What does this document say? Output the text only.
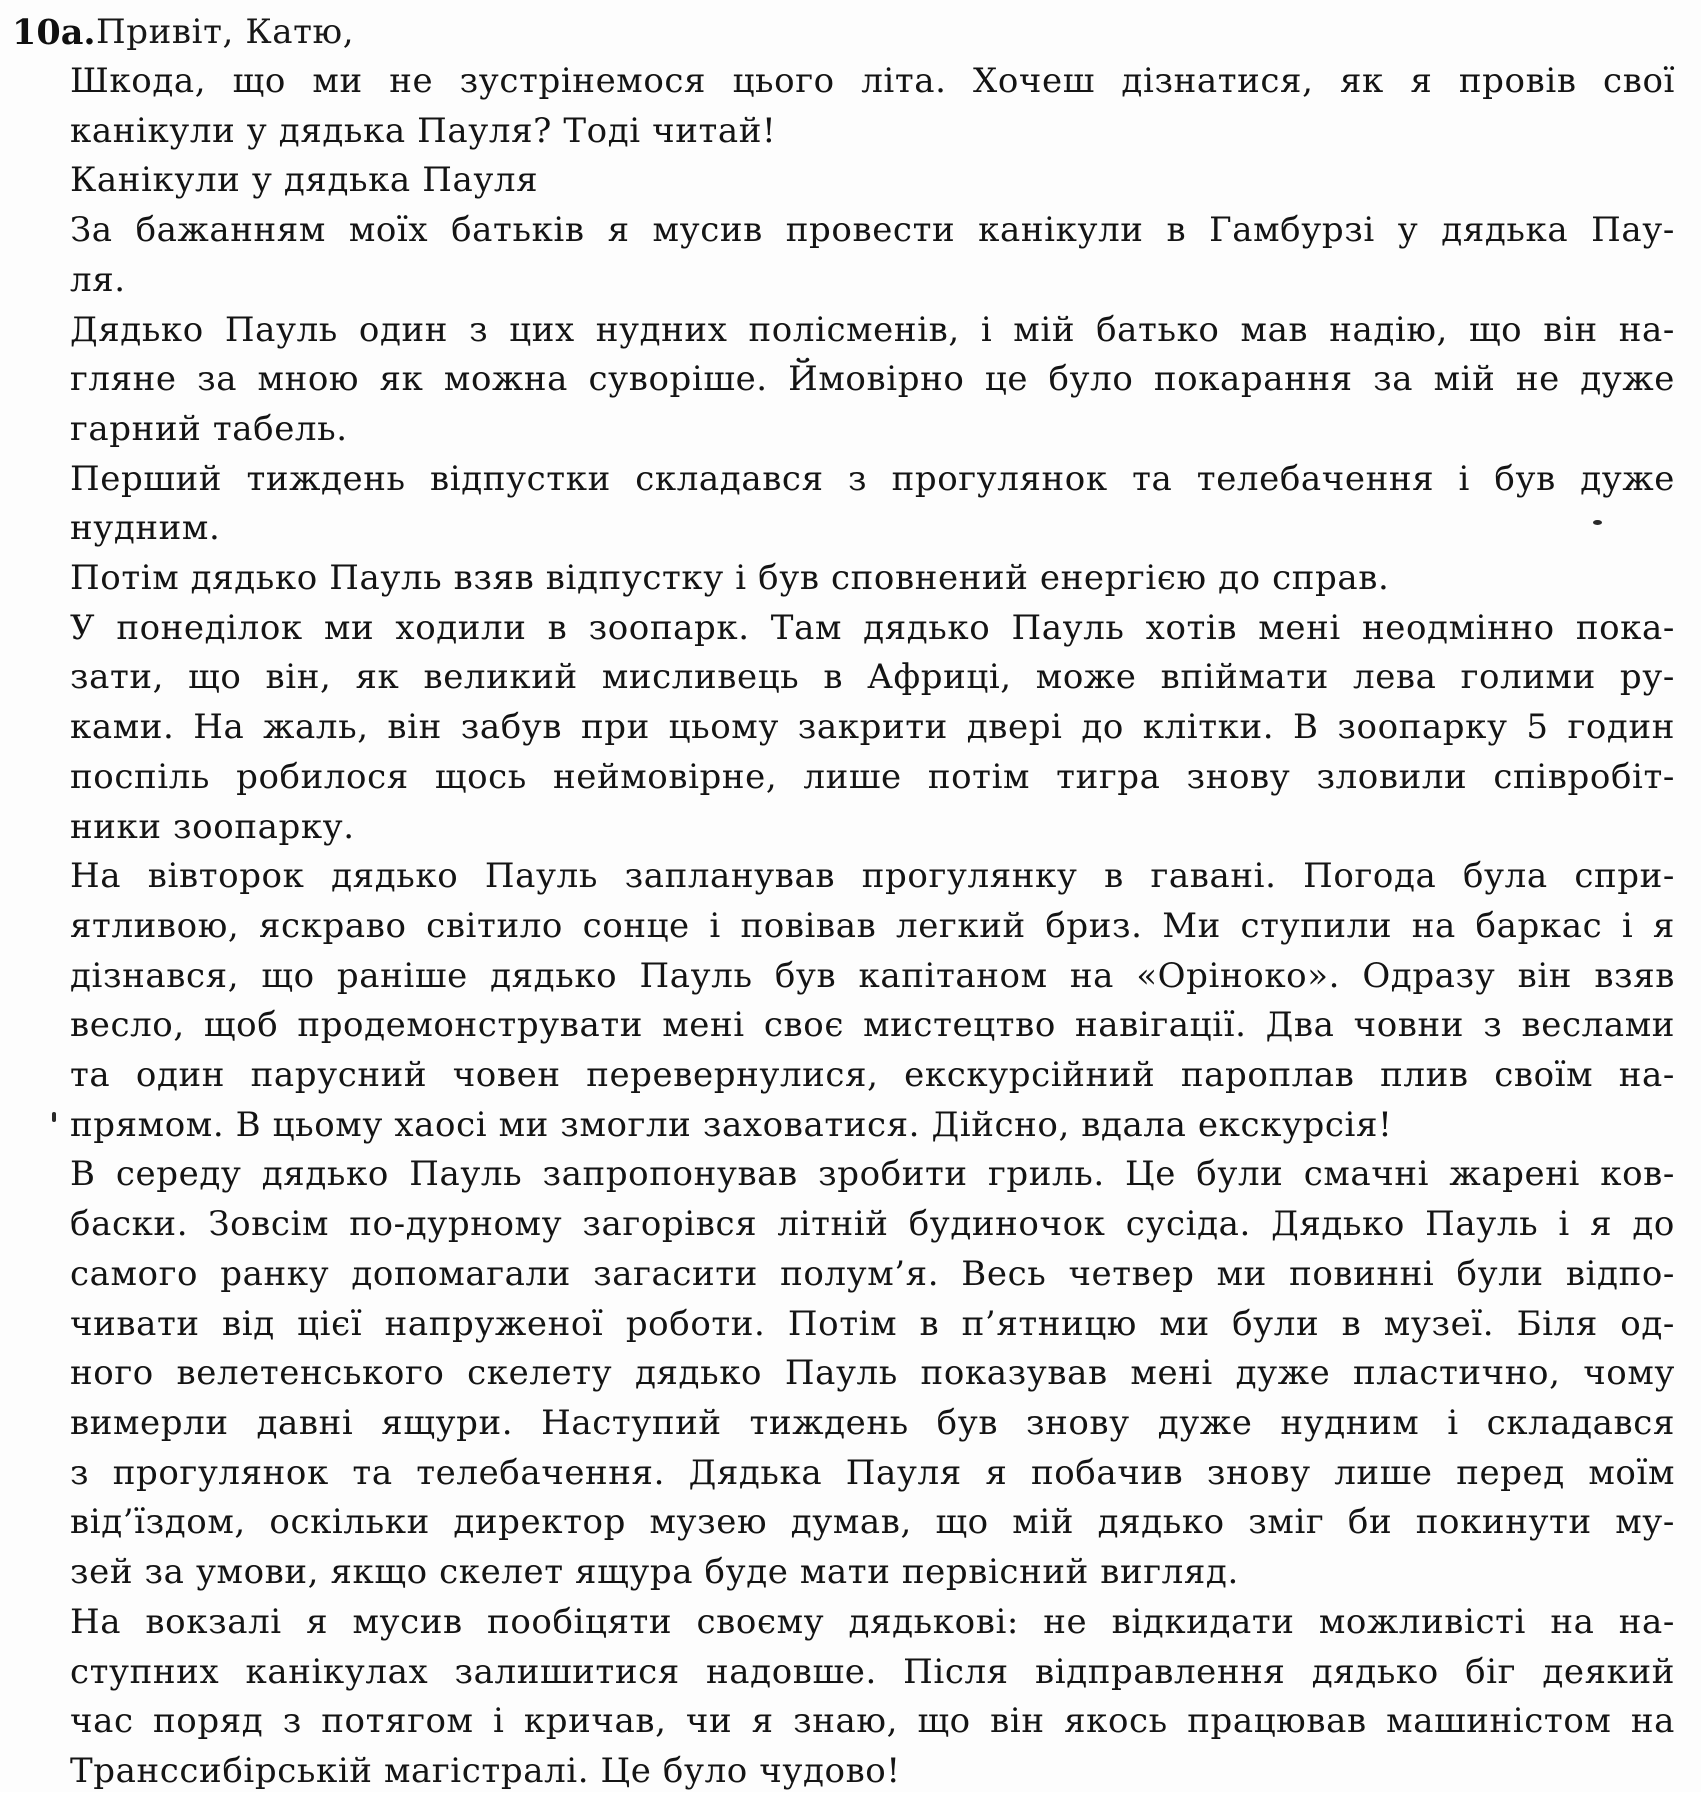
10a. Привіт, Катю,
Шкода, що ми не зустрінемося цього літа. Хочеш дізнатися, як я провів свої
канікули у дядька Пауля? Тоді читай!
Канікули у дядька Пауля
За бажанням моїх батьків я мусив провести канікули в Гамбурзі у дядька Пау-
ля.
Дядько Пауль один з цих нудних полісменів, і мій батько мав надію, що він на-
гляне за мною як можна суворіше. Ймовірно це було покарання за мій не дуже
гарний табель.
Перший тиждень відпустки складався з прогулянок та телебачення і був дуже
нудним.
Потім дядько Пауль взяв відпустку і був сповнений енергією до справ.
У понеділок ми ходили в зоопарк. Там дядько Пауль хотів мені неодмінно пока-
зати, що він, як великий мисливець в Африці, може впіймати лева голими ру-
ками. На жаль, він забув при цьому закрити двері до клітки. В зоопарку 5 годин
поспіль робилося щось неймовірне, лише потім тигра знову зловили співробіт-
ники зоопарку.
На вівторок дядько Пауль запланував прогулянку в гавані. Погода була спри-
ятливою, яскраво світило сонце і повівав легкий бриз. Ми ступили на баркас і я
дізнався, що раніше дядько Пауль був капітаном на «Оріноко». Одразу він взяв
весло, щоб продемонструвати мені своє мистецтво навігації. Два човни з веслами
та один парусний човен перевернулися, екскурсійний пароплав плив своїм на-
прямом. В цьому хаосі ми змогли заховатися. Дійсно, вдала екскурсія!
В середу дядько Пауль запропонував зробити гриль. Це були смачні жарені ков-
баски. Зовсім по-дурному загорівся літній будиночок сусіда. Дядько Пауль і я до
самого ранку допомагали загасити полум’я. Весь четвер ми повинні були відпо-
чивати від цієї напруженої роботи. Потім в п’ятницю ми були в музеї. Біля од-
ного велетенського скелету дядько Пауль показував мені дуже пластично, чому
вимерли давні ящури. Наступий тиждень був знову дуже нудним і складався
з прогулянок та телебачення. Дядька Пауля я побачив знову лише перед моїм
від’їздом, оскільки директор музею думав, що мій дядько зміг би покинути му-
зей за умови, якщо скелет ящура буде мати первісний вигляд.
На вокзалі я мусив пообіцяти своєму дядькові: не відкидати можливісті на на-
ступних канікулах залишитися надовше. Після відправлення дядько біг деякий
час поряд з потягом і кричав, чи я знаю, що він якось працював машиністом на
Транссибірській магістралі. Це було чудово!
